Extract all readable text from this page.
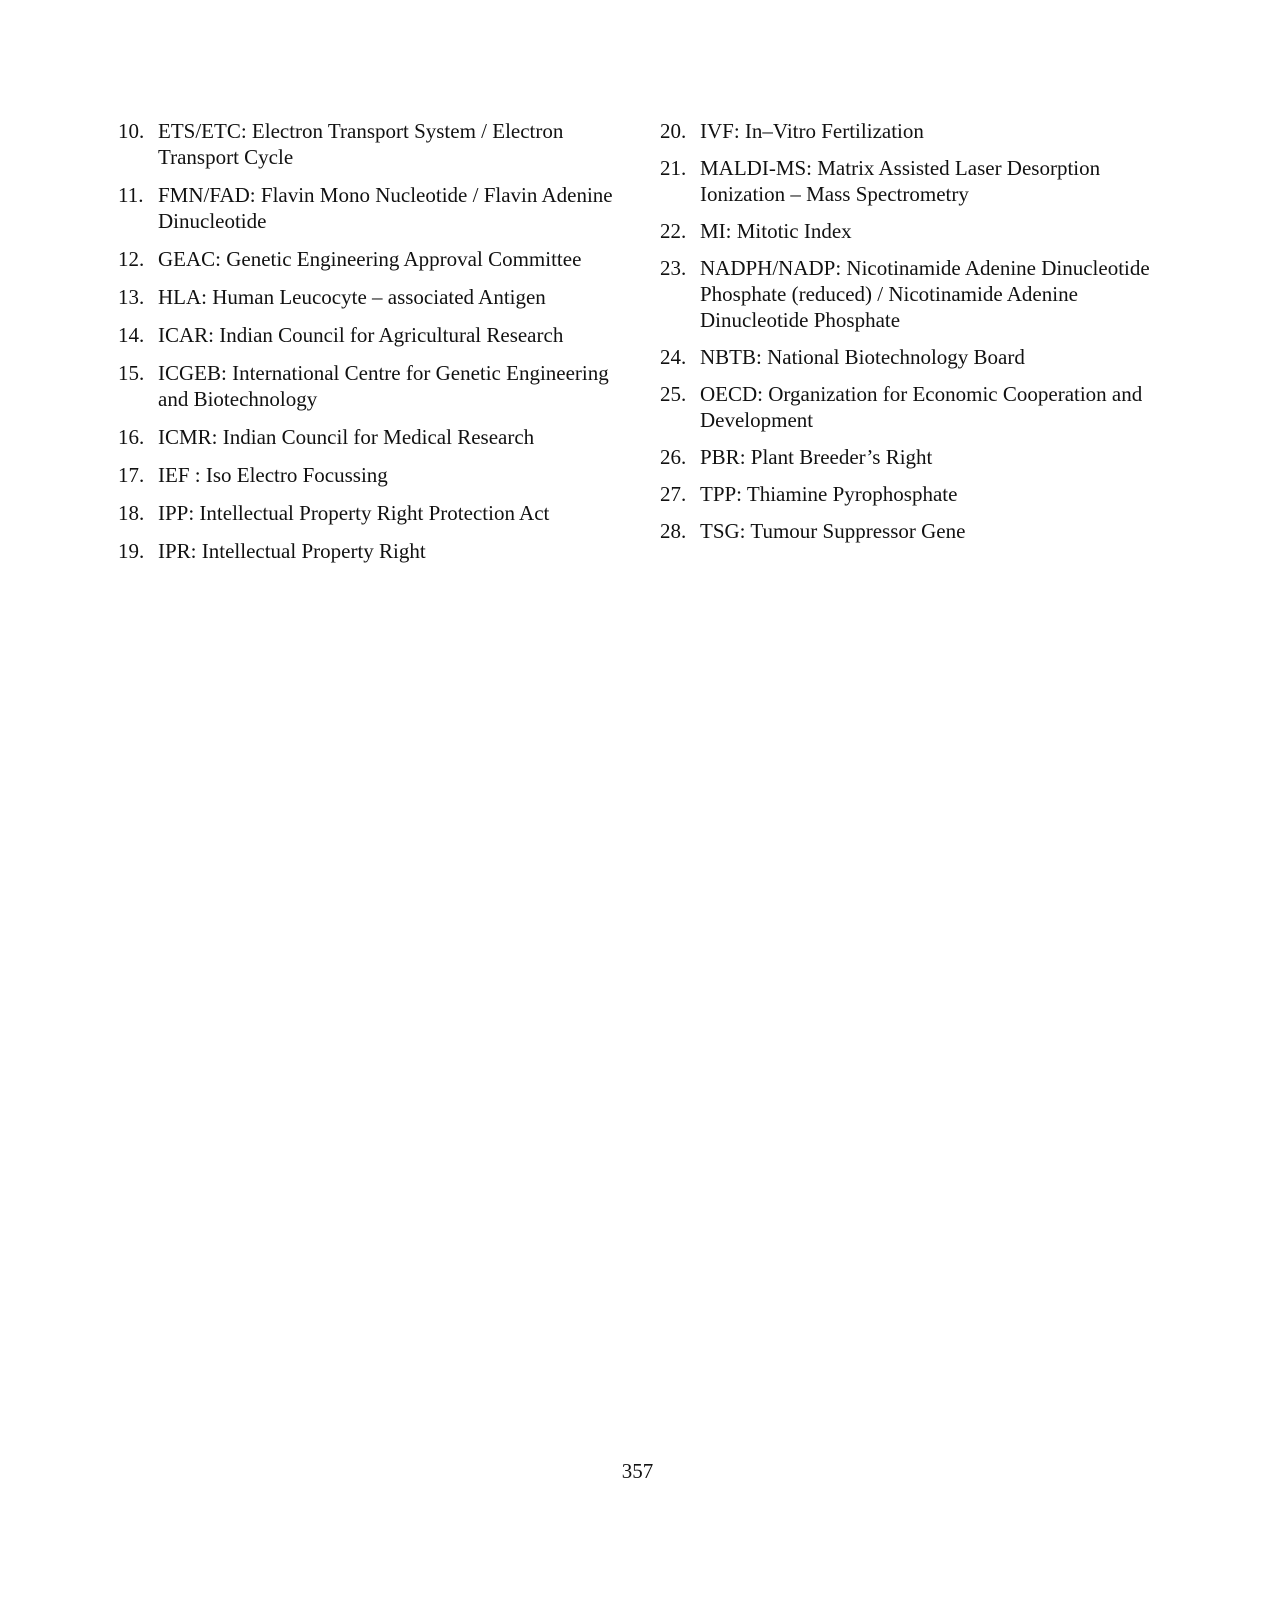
10. ETS/ETC: Electron Transport System / Electron Transport Cycle
11. FMN/FAD: Flavin Mono Nucleotide / Flavin Adenine Dinucleotide
12. GEAC: Genetic Engineering Approval Committee
13. HLA: Human Leucocyte – associated Antigen
14. ICAR: Indian Council for Agricultural Research
15. ICGEB: International Centre for Genetic Engineering and Biotechnology
16. ICMR: Indian Council for Medical Research
17. IEF : Iso Electro Focussing
18. IPP: Intellectual Property Right Protection Act
19. IPR: Intellectual Property Right
20. IVF: In–Vitro Fertilization
21. MALDI-MS: Matrix Assisted Laser Desorption Ionization – Mass Spectrometry
22. MI: Mitotic Index
23. NADPH/NADP: Nicotinamide Adenine Dinucleotide Phosphate (reduced) / Nicotinamide Adenine Dinucleotide Phosphate
24. NBTB: National Biotechnology Board
25. OECD: Organization for Economic Cooperation and Development
26. PBR: Plant Breeder’s Right
27. TPP: Thiamine Pyrophosphate
28. TSG: Tumour Suppressor Gene
357
